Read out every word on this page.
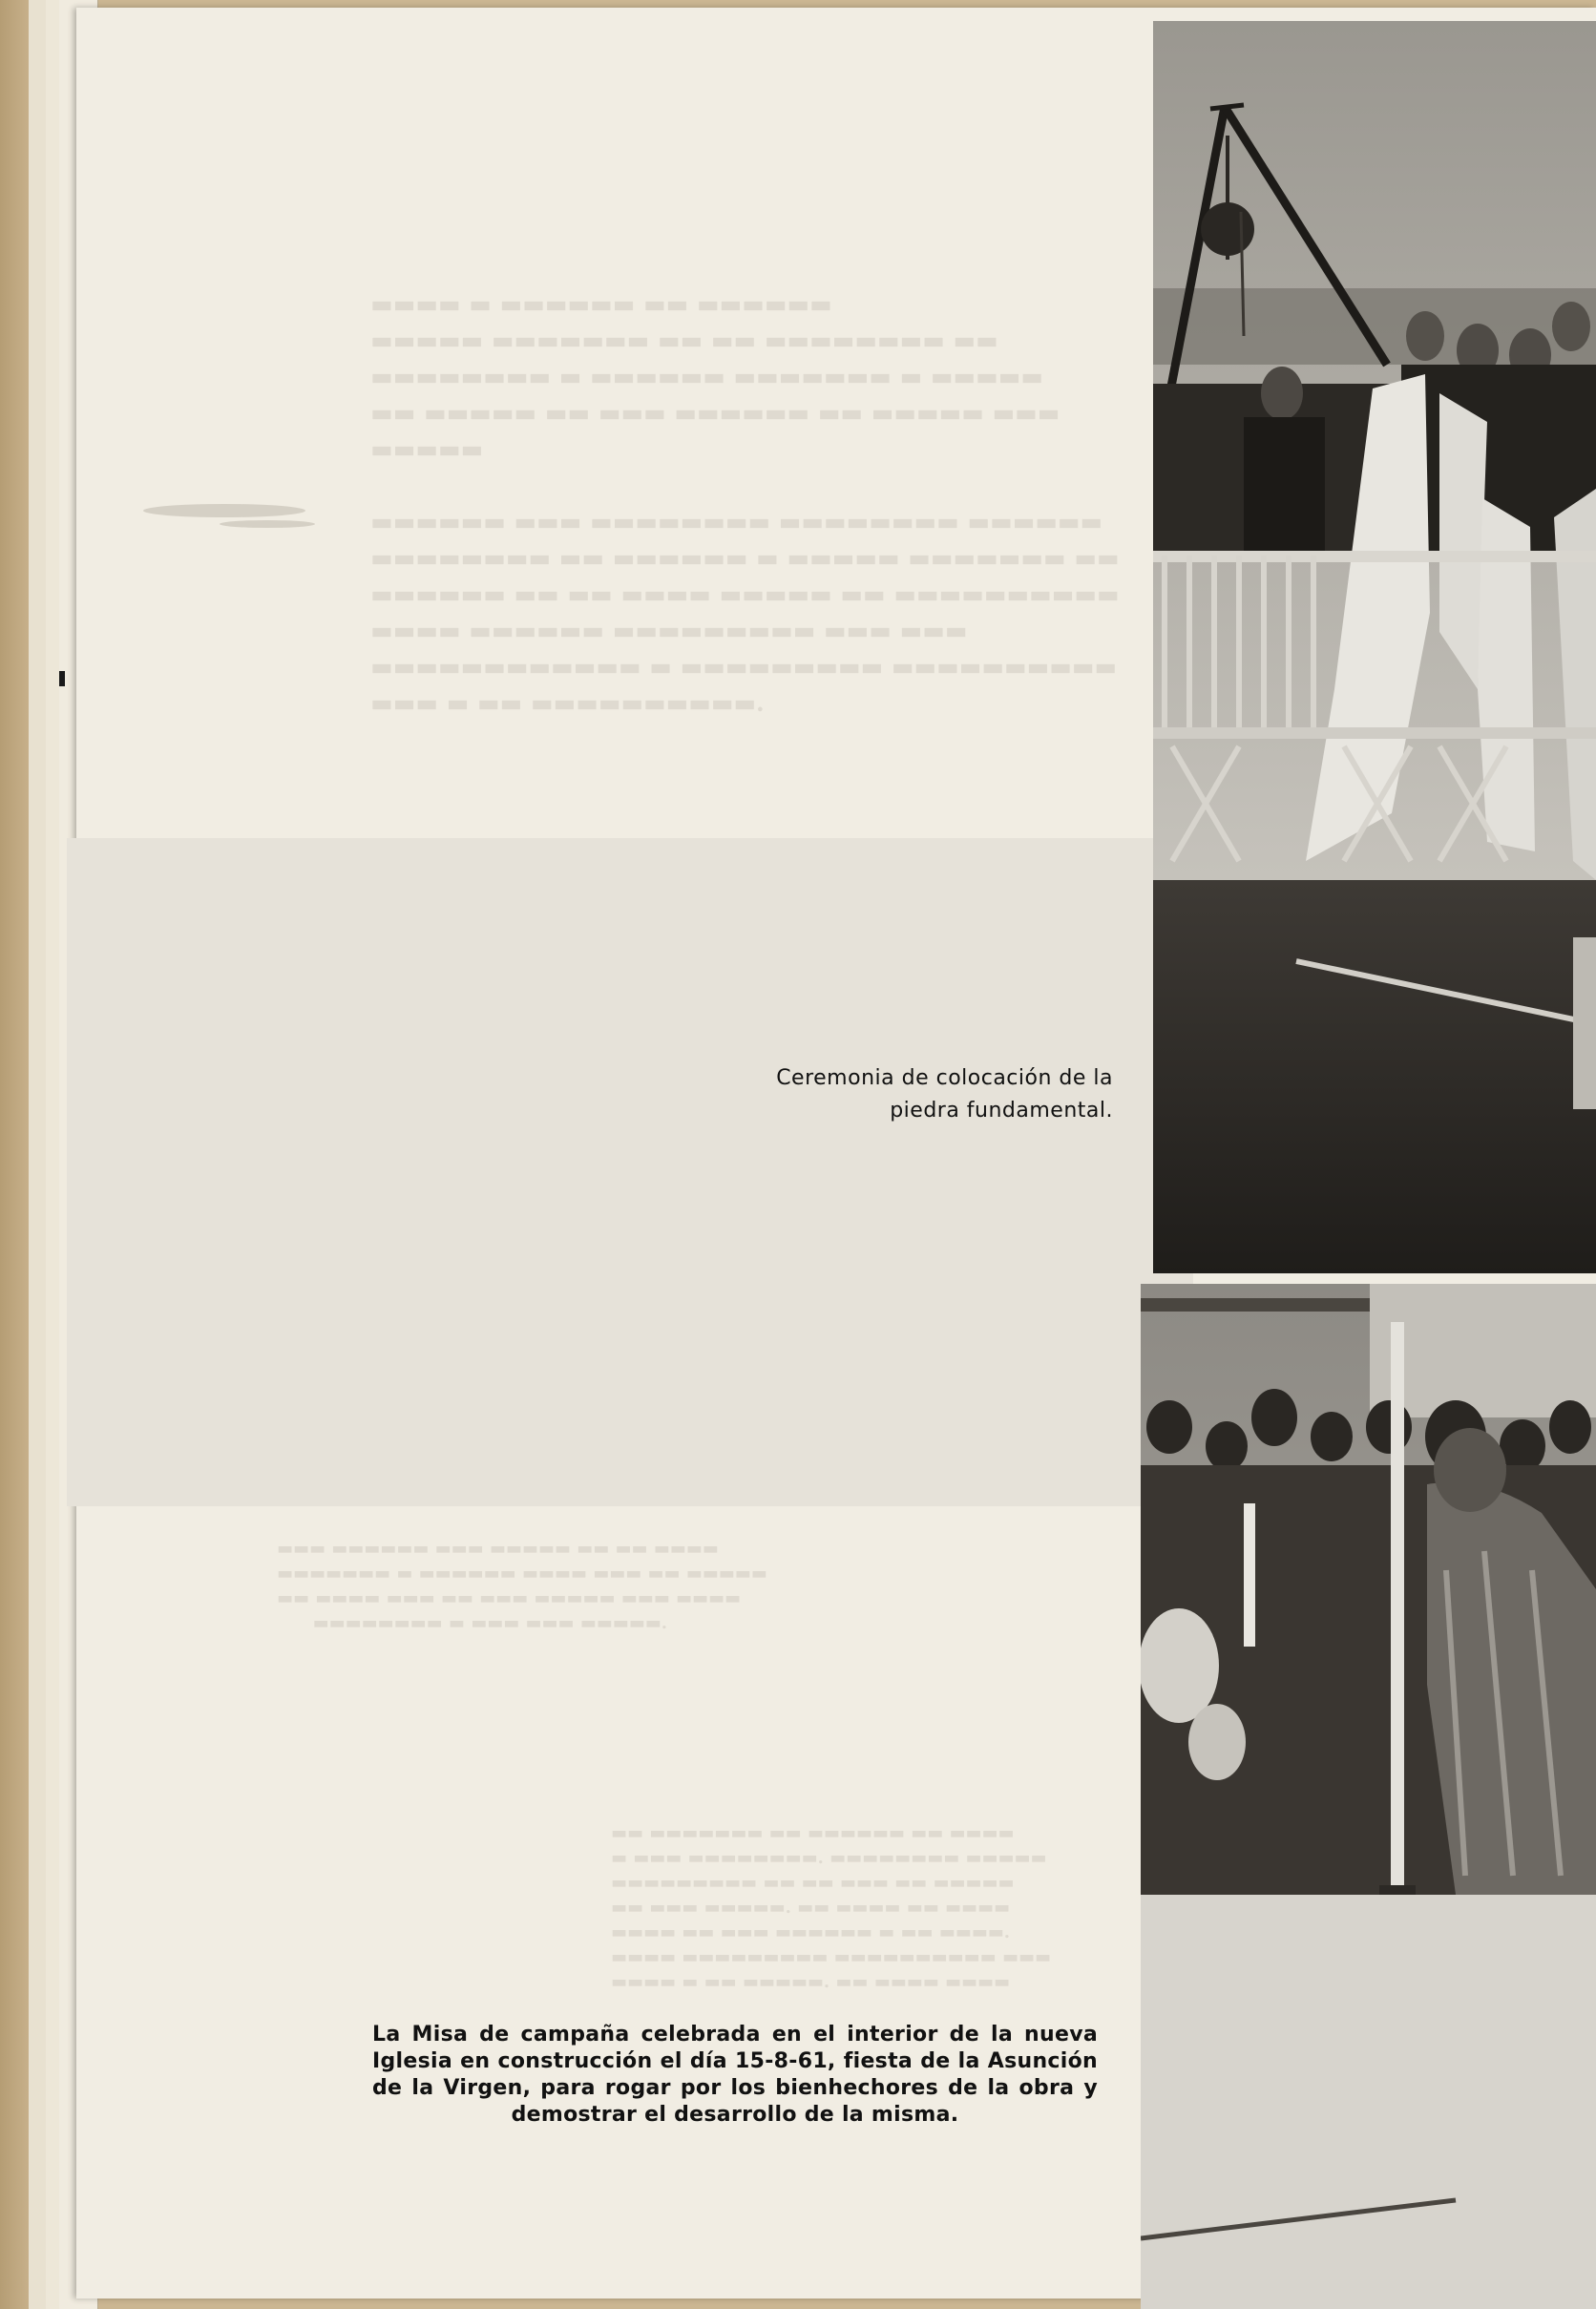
Ceremonia de colocación de la piedra fundamental.
La Misa de campaña celebrada en el interior de la nueva Iglesia en construcción el día 15-8-61, fiesta de la Asunción de la Virgen, para rogar por los bienhechores de la obra y demostrar el desarrollo de la misma.
